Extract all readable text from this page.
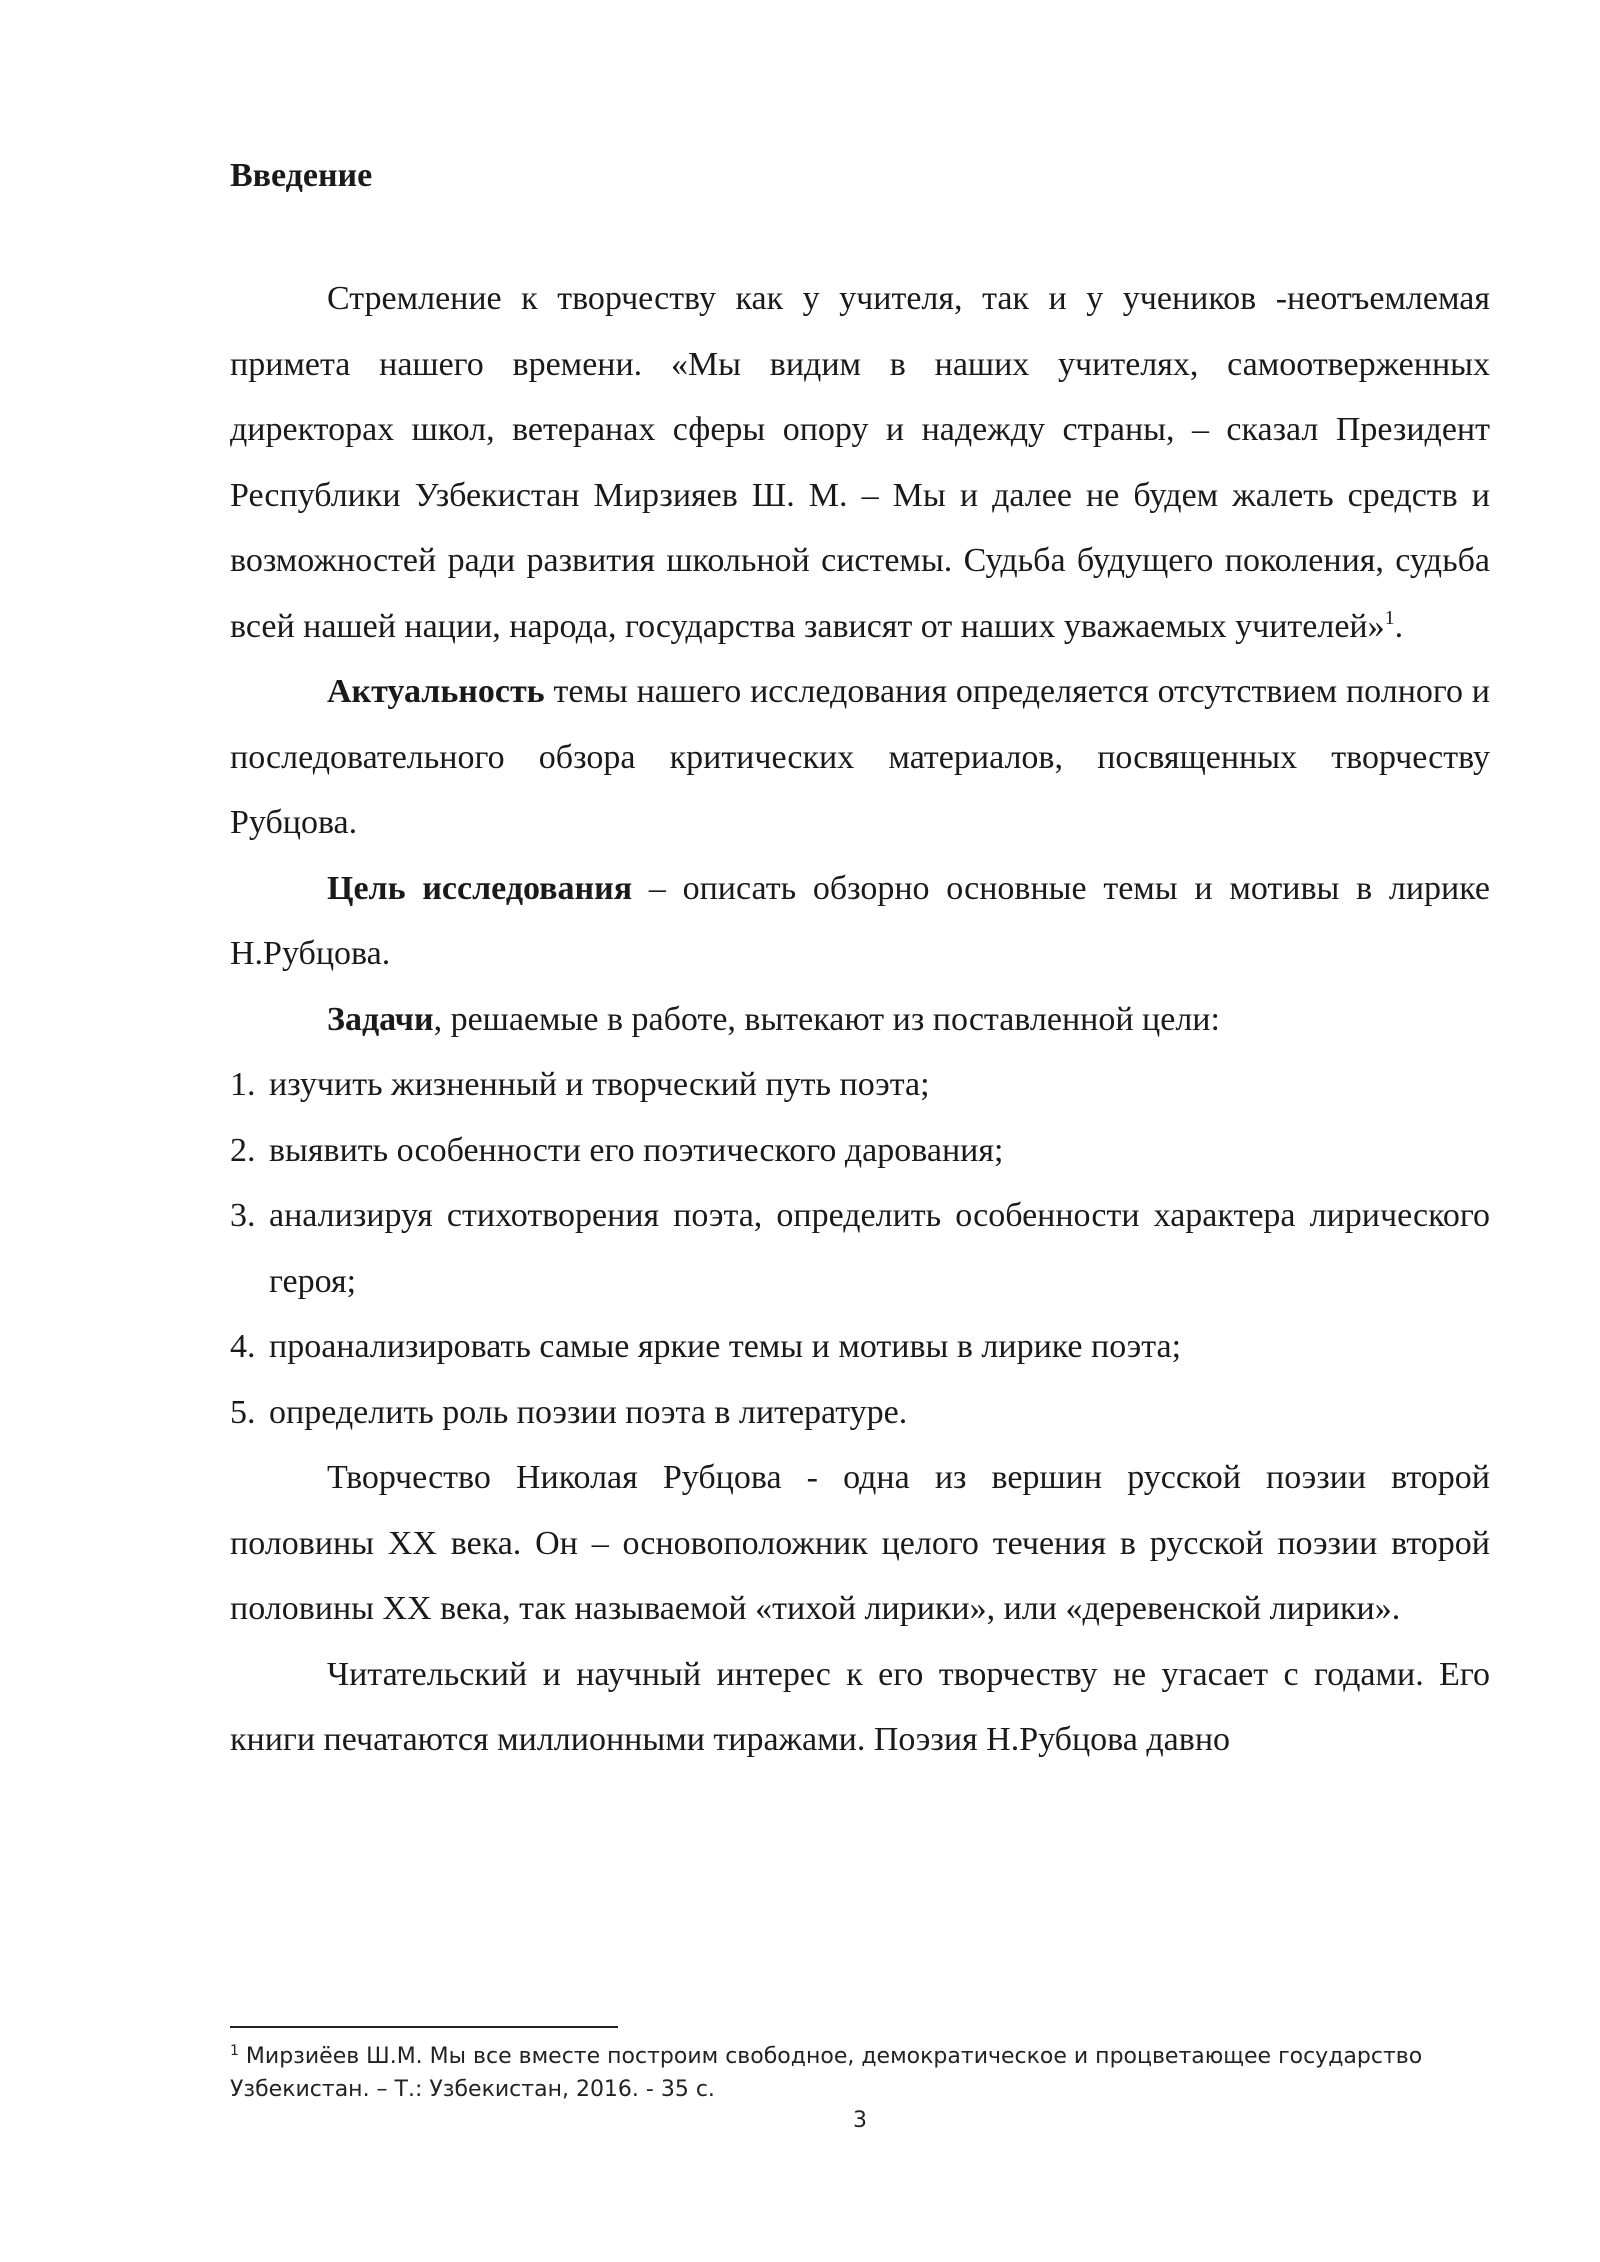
Введение

Стремление к творчеству как у учителя, так и у учеников -неотъемлемая примета нашего времени. «Мы видим в наших учителях, самоотверженных директорах школ, ветеранах сферы опору и надежду страны, – сказал Президент Республики Узбекистан Мирзияев Ш. М. – Мы и далее не будем жалеть средств и возможностей ради развития школьной системы. Судьба будущего поколения, судьба всей нашей нации, народа, государства зависят от наших уважаемых учителей»$^1$.

Актуальность темы нашего исследования определяется отсутствием полного и последовательного обзора критических материалов, посвященных творчеству Рубцова.

Цель исследования – описать обзорно основные темы и мотивы в лирике Н.Рубцова.

Задачи, решаемые в работе, вытекают из поставленной цели:

1. изучить жизненный и творческий путь поэта;
2. выявить особенности его поэтического дарования;
3. анализируя стихотворения поэта, определить особенности характера лирического героя;
4. проанализировать самые яркие темы и мотивы в лирике поэта;
5. определить роль поэзии поэта в литературе.

Творчество Николая Рубцова - одна из вершин русской поэзии второй половины XX века. Он – основоположник целого течения в русской поэзии второй половины XX века, так называемой «тихой лирики», или «деревенской лирики».

Читательский и научный интерес к его творчеству не угасает с годами. Его книги печатаются миллионными тиражами. Поэзия Н.Рубцова давно

$^1$ Мирзиёев Ш.М. Мы все вместе построим свободное, демократическое и процветающее государство Узбекистан. – Т.: Узбекистан, 2016. - 35 с.
3
